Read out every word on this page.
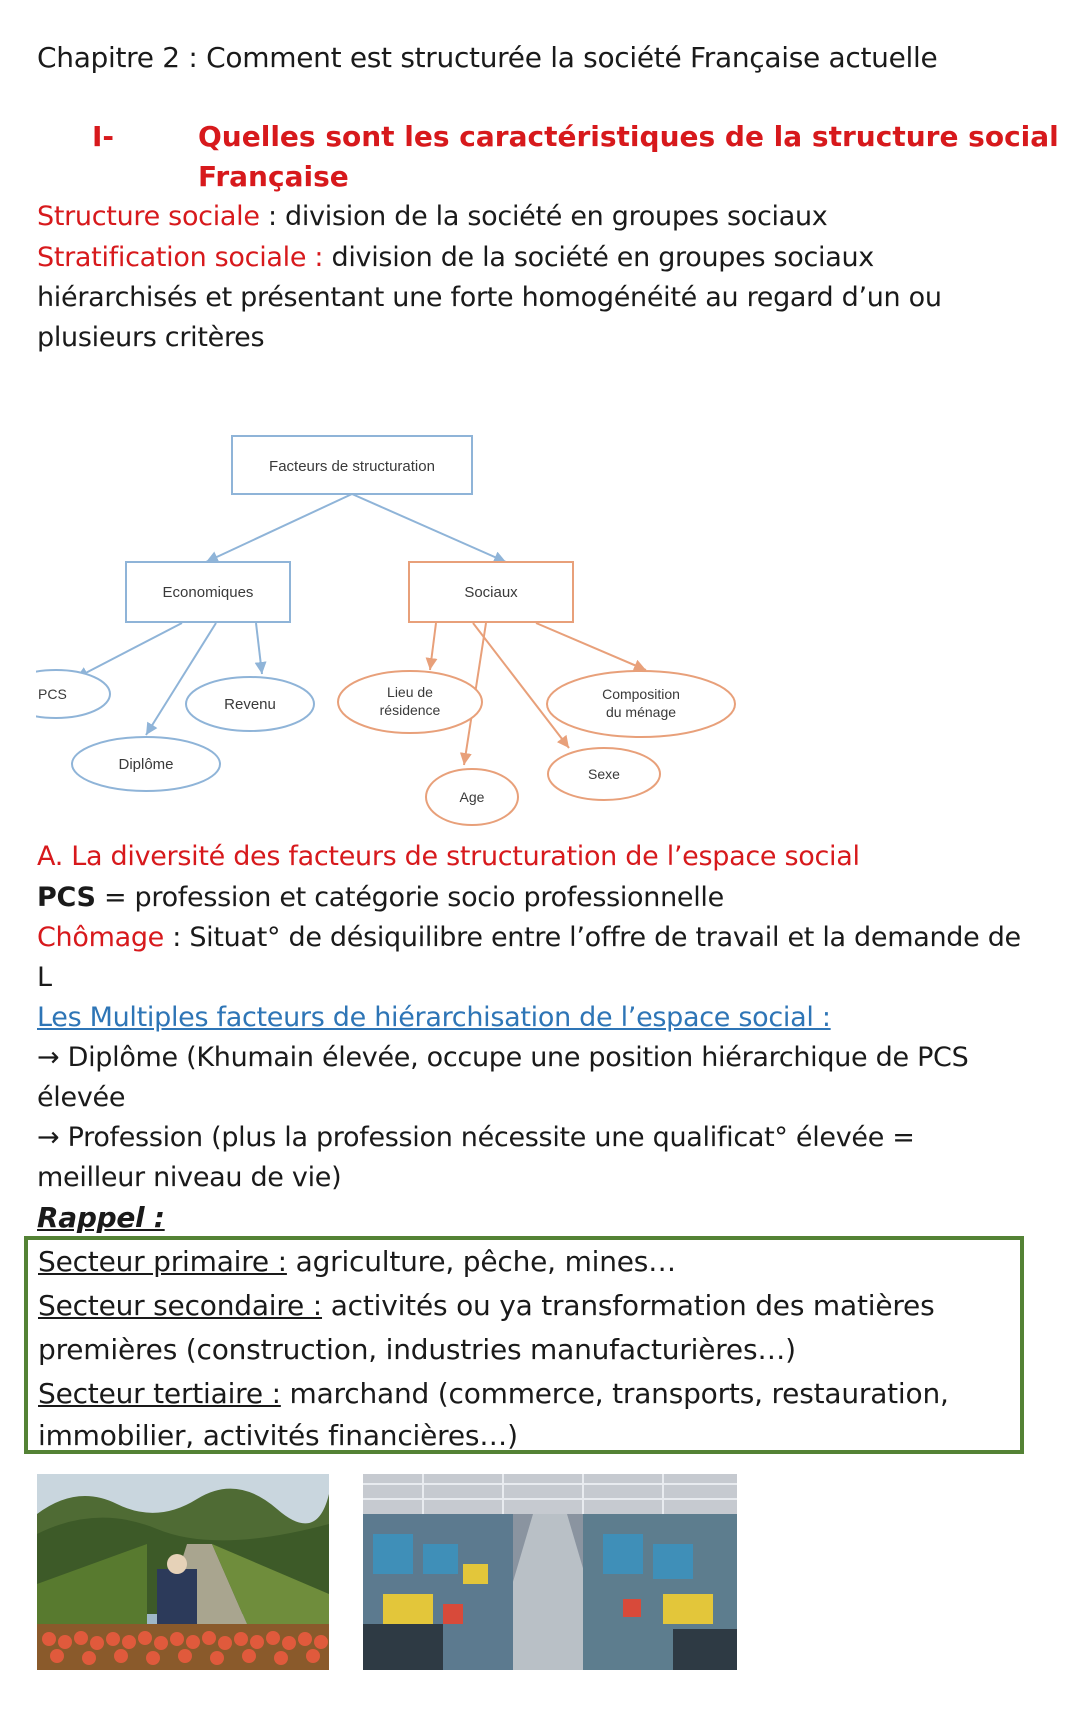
Chapitre 2 : Comment est structurée la société Française actuelle
I-	Quelles sont les caractéristiques de la structure social
Française
Structure sociale : division de la société en groupes sociaux
Stratification sociale : division de la société en groupes sociaux
hiérarchisés et présentant une forte homogénéité au regard d’un ou
plusieurs critères
Facteurs de structuration
Economiques	Sociaux
PCS
Revenu
Diplôme
Lieu de
résidence
Composition
du ménage
Sexe
Age
A. La diversité des facteurs de structuration de l’espace social
PCS = profession et catégorie socio professionnelle
Chômage : Situat° de désiquilibre entre l’offre de travail et la demande de
L
Les Multiples facteurs de hiérarchisation de l’espace social :
→ Diplôme (Khumain élevée, occupe une position hiérarchique de PCS
élevée
→ Profession (plus la profession nécessite une qualificat° élevée =
meilleur niveau de vie)
Rappel :
Secteur primaire : agriculture, pêche, mines…
Secteur secondaire : activités ou ya transformation des matières
premières (construction, industries manufacturières…)
Secteur tertiaire : marchand (commerce, transports, restauration,
immobilier, activités financières…)
